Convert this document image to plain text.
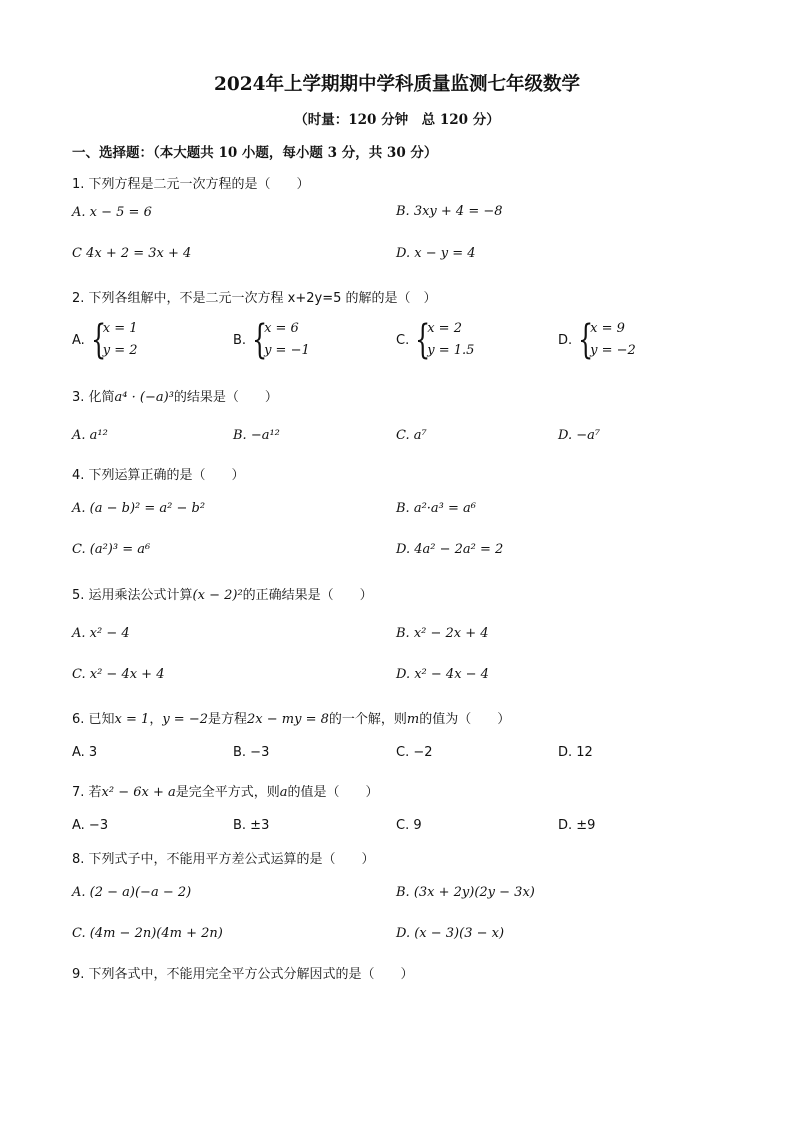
2024年上学期期中学科质量监测七年级数学
（时量：120 分钟　总 120 分）
一、选择题：（本大题共 10 小题，每小题 3 分，共 30 分）
1. 下列方程是二元一次方程的是（　　）
A. x − 5 = 6	B. 3xy + 4 = −8
C 4x + 2 = 3x + 4	D. x − y = 4
2. 下列各组解中，不是二元一次方程 x+2y=5 的解的是（　）
A. {
x = 1
y = 2
B. {
x = 6
y = −1
C. {
x = 2
y = 1.5
D. {
x = 9
y = −2
3. 化简a⁴ · (−a)³的结果是（　　）
A. a¹²	B. −a¹²	C. a⁷	D. −a⁷
4. 下列运算正确的是（　　）
A. (a − b)² = a² − b²	B. a²·a³ = a⁶
C. (a²)³ = a⁶	D. 4a² − 2a² = 2
5. 运用乘法公式计算(x − 2)²的正确结果是（　　）
A. x² − 4	B. x² − 2x + 4
C. x² − 4x + 4	D. x² − 4x − 4
6. 已知x = 1，y = −2是方程2x − my = 8的一个解，则m的值为（　　）
A. 3	B. −3	C. −2	D. 12
7. 若x² − 6x + a是完全平方式，则a的值是（　　）
A. −3	B. ±3	C. 9	D. ±9
8. 下列式子中，不能用平方差公式运算的是（　　）
A. (2 − a)(−a − 2)	B. (3x + 2y)(2y − 3x)
C. (4m − 2n)(4m + 2n)	D. (x − 3)(3 − x)
9. 下列各式中，不能用完全平方公式分解因式的是（　　）
